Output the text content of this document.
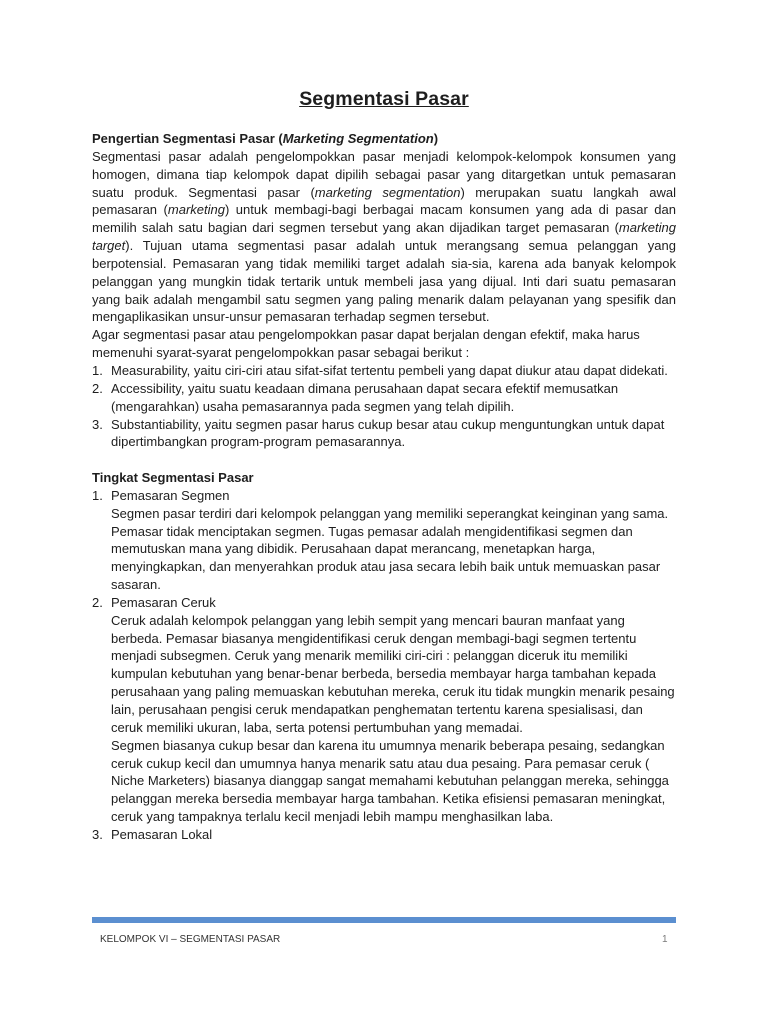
Segmentasi Pasar

Pengertian Segmentasi Pasar (Marketing Segmentation)

Segmentasi pasar adalah pengelompokkan pasar menjadi kelompok-kelompok konsumen yang homogen, dimana tiap kelompok dapat dipilih sebagai pasar yang ditargetkan untuk pemasaran suatu produk. Segmentasi pasar (marketing segmentation) merupakan suatu langkah awal pemasaran (marketing) untuk membagi-bagi berbagai macam konsumen yang ada di pasar dan memilih salah satu bagian dari segmen tersebut yang akan dijadikan target pemasaran (marketing target). Tujuan utama segmentasi pasar adalah untuk merangsang semua pelanggan yang berpotensial. Pemasaran yang tidak memiliki target adalah sia-sia, karena ada banyak kelompok pelanggan yang mungkin tidak tertarik untuk membeli jasa yang dijual. Inti dari suatu pemasaran yang baik adalah mengambil satu segmen yang paling menarik dalam pelayanan yang spesifik dan mengaplikasikan unsur-unsur pemasaran terhadap segmen tersebut.

Agar segmentasi pasar atau pengelompokkan pasar dapat berjalan dengan efektif, maka harus memenuhi syarat-syarat pengelompokkan pasar sebagai berikut :

1. Measurability, yaitu ciri-ciri atau sifat-sifat tertentu pembeli yang dapat diukur atau dapat didekati.
2. Accessibility, yaitu suatu keadaan dimana perusahaan dapat secara efektif memusatkan (mengarahkan) usaha pemasarannya pada segmen yang telah dipilih.
3. Substantiability, yaitu segmen pasar harus cukup besar atau cukup menguntungkan untuk dapat dipertimbangkan program-program pemasarannya.

Tingkat Segmentasi Pasar

1. Pemasaran Segmen

Segmen pasar terdiri dari kelompok pelanggan yang memiliki seperangkat keinginan yang sama. Pemasar tidak menciptakan segmen. Tugas pemasar adalah mengidentifikasi segmen dan memutuskan mana yang dibidik. Perusahaan dapat merancang, menetapkan harga, menyingkapkan, dan menyerahkan produk atau jasa secara lebih baik untuk memuaskan pasar sasaran.

2. Pemasaran Ceruk

Ceruk adalah kelompok pelanggan yang lebih sempit yang mencari bauran manfaat yang berbeda. Pemasar biasanya mengidentifikasi ceruk dengan membagi-bagi segmen tertentu menjadi subsegmen. Ceruk yang menarik memiliki ciri-ciri : pelanggan diceruk itu memiliki kumpulan kebutuhan yang benar-benar berbeda, bersedia membayar harga tambahan kepada perusahaan yang paling memuaskan kebutuhan mereka, ceruk itu tidak mungkin menarik pesaing lain, perusahaan pengisi ceruk mendapatkan penghematan tertentu karena spesialisasi, dan ceruk memiliki ukuran, laba, serta potensi pertumbuhan yang memadai.

Segmen biasanya cukup besar dan karena itu umumnya menarik beberapa pesaing, sedangkan ceruk cukup kecil dan umumnya hanya menarik satu atau dua pesaing. Para pemasar ceruk ( Niche Marketers) biasanya dianggap sangat memahami kebutuhan pelanggan mereka, sehingga pelanggan mereka bersedia membayar harga tambahan. Ketika efisiensi pemasaran meningkat, ceruk yang tampaknya terlalu kecil menjadi lebih mampu menghasilkan laba.

3. Pemasaran Lokal

KELOMPOK VI – SEGMENTASI PASAR	1
